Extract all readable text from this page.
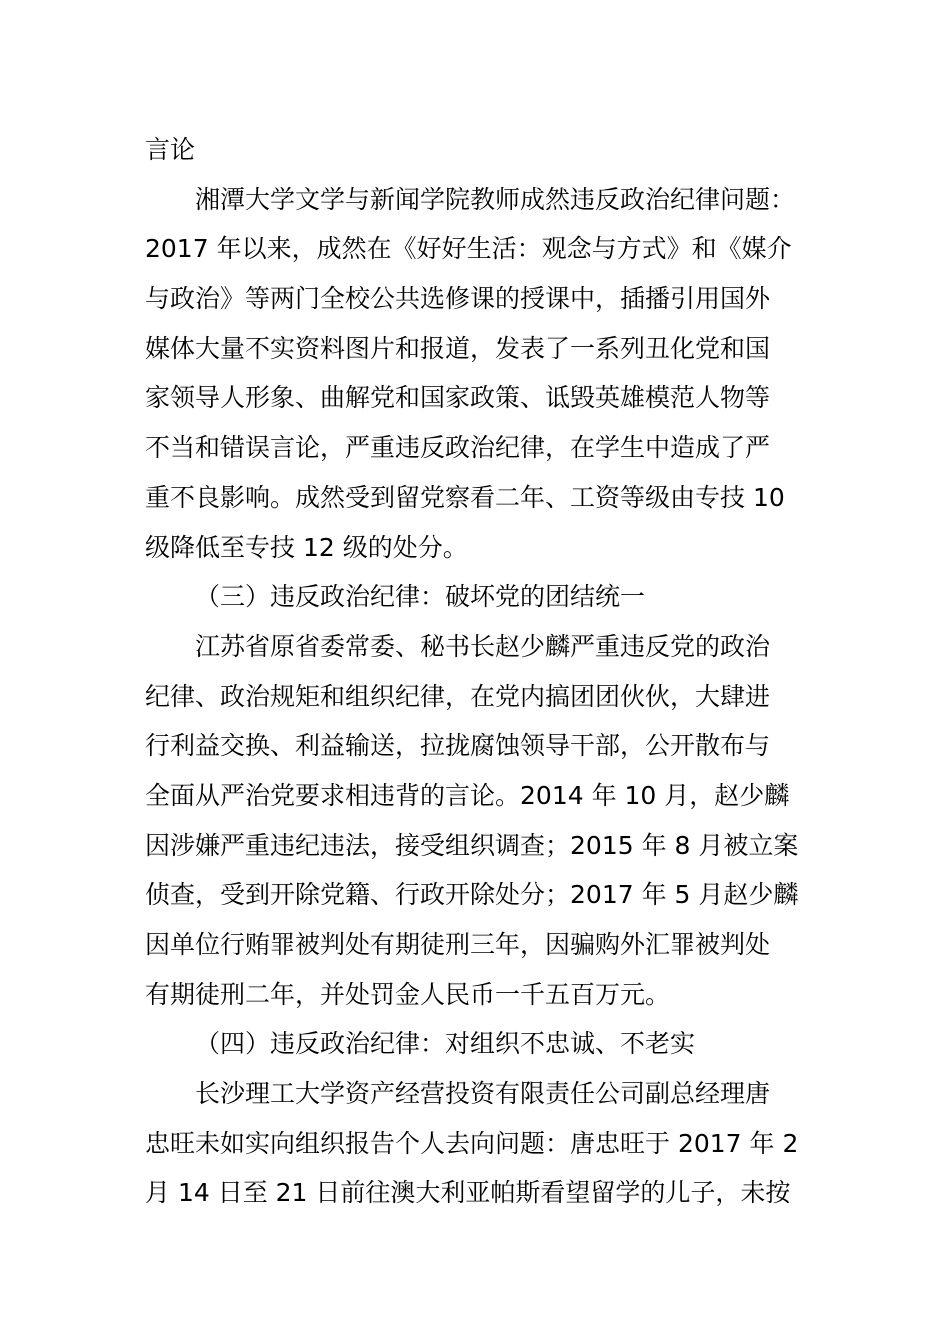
言论
湘潭大学文学与新闻学院教师成然违反政治纪律问题：
2017 年以来，成然在《好好生活：观念与方式》和《媒介
与政治》等两门全校公共选修课的授课中，插播引用国外
媒体大量不实资料图片和报道，发表了一系列丑化党和国
家领导人形象、曲解党和国家政策、诋毁英雄模范人物等
不当和错误言论，严重违反政治纪律，在学生中造成了严
重不良影响。成然受到留党察看二年、工资等级由专技 10
级降低至专技 12 级的处分。
（三）违反政治纪律：破坏党的团结统一
江苏省原省委常委、秘书长赵少麟严重违反党的政治
纪律、政治规矩和组织纪律，在党内搞团团伙伙，大肆进
行利益交换、利益输送，拉拢腐蚀领导干部，公开散布与
全面从严治党要求相违背的言论。2014 年 10 月，赵少麟
因涉嫌严重违纪违法，接受组织调查；2015 年 8 月被立案
侦查，受到开除党籍、行政开除处分；2017 年 5 月赵少麟
因单位行贿罪被判处有期徒刑三年，因骗购外汇罪被判处
有期徒刑二年，并处罚金人民币一千五百万元。
（四）违反政治纪律：对组织不忠诚、不老实
长沙理工大学资产经营投资有限责任公司副总经理唐
忠旺未如实向组织报告个人去向问题：唐忠旺于 2017 年 2
月 14 日至 21 日前往澳大利亚帕斯看望留学的儿子，未按
